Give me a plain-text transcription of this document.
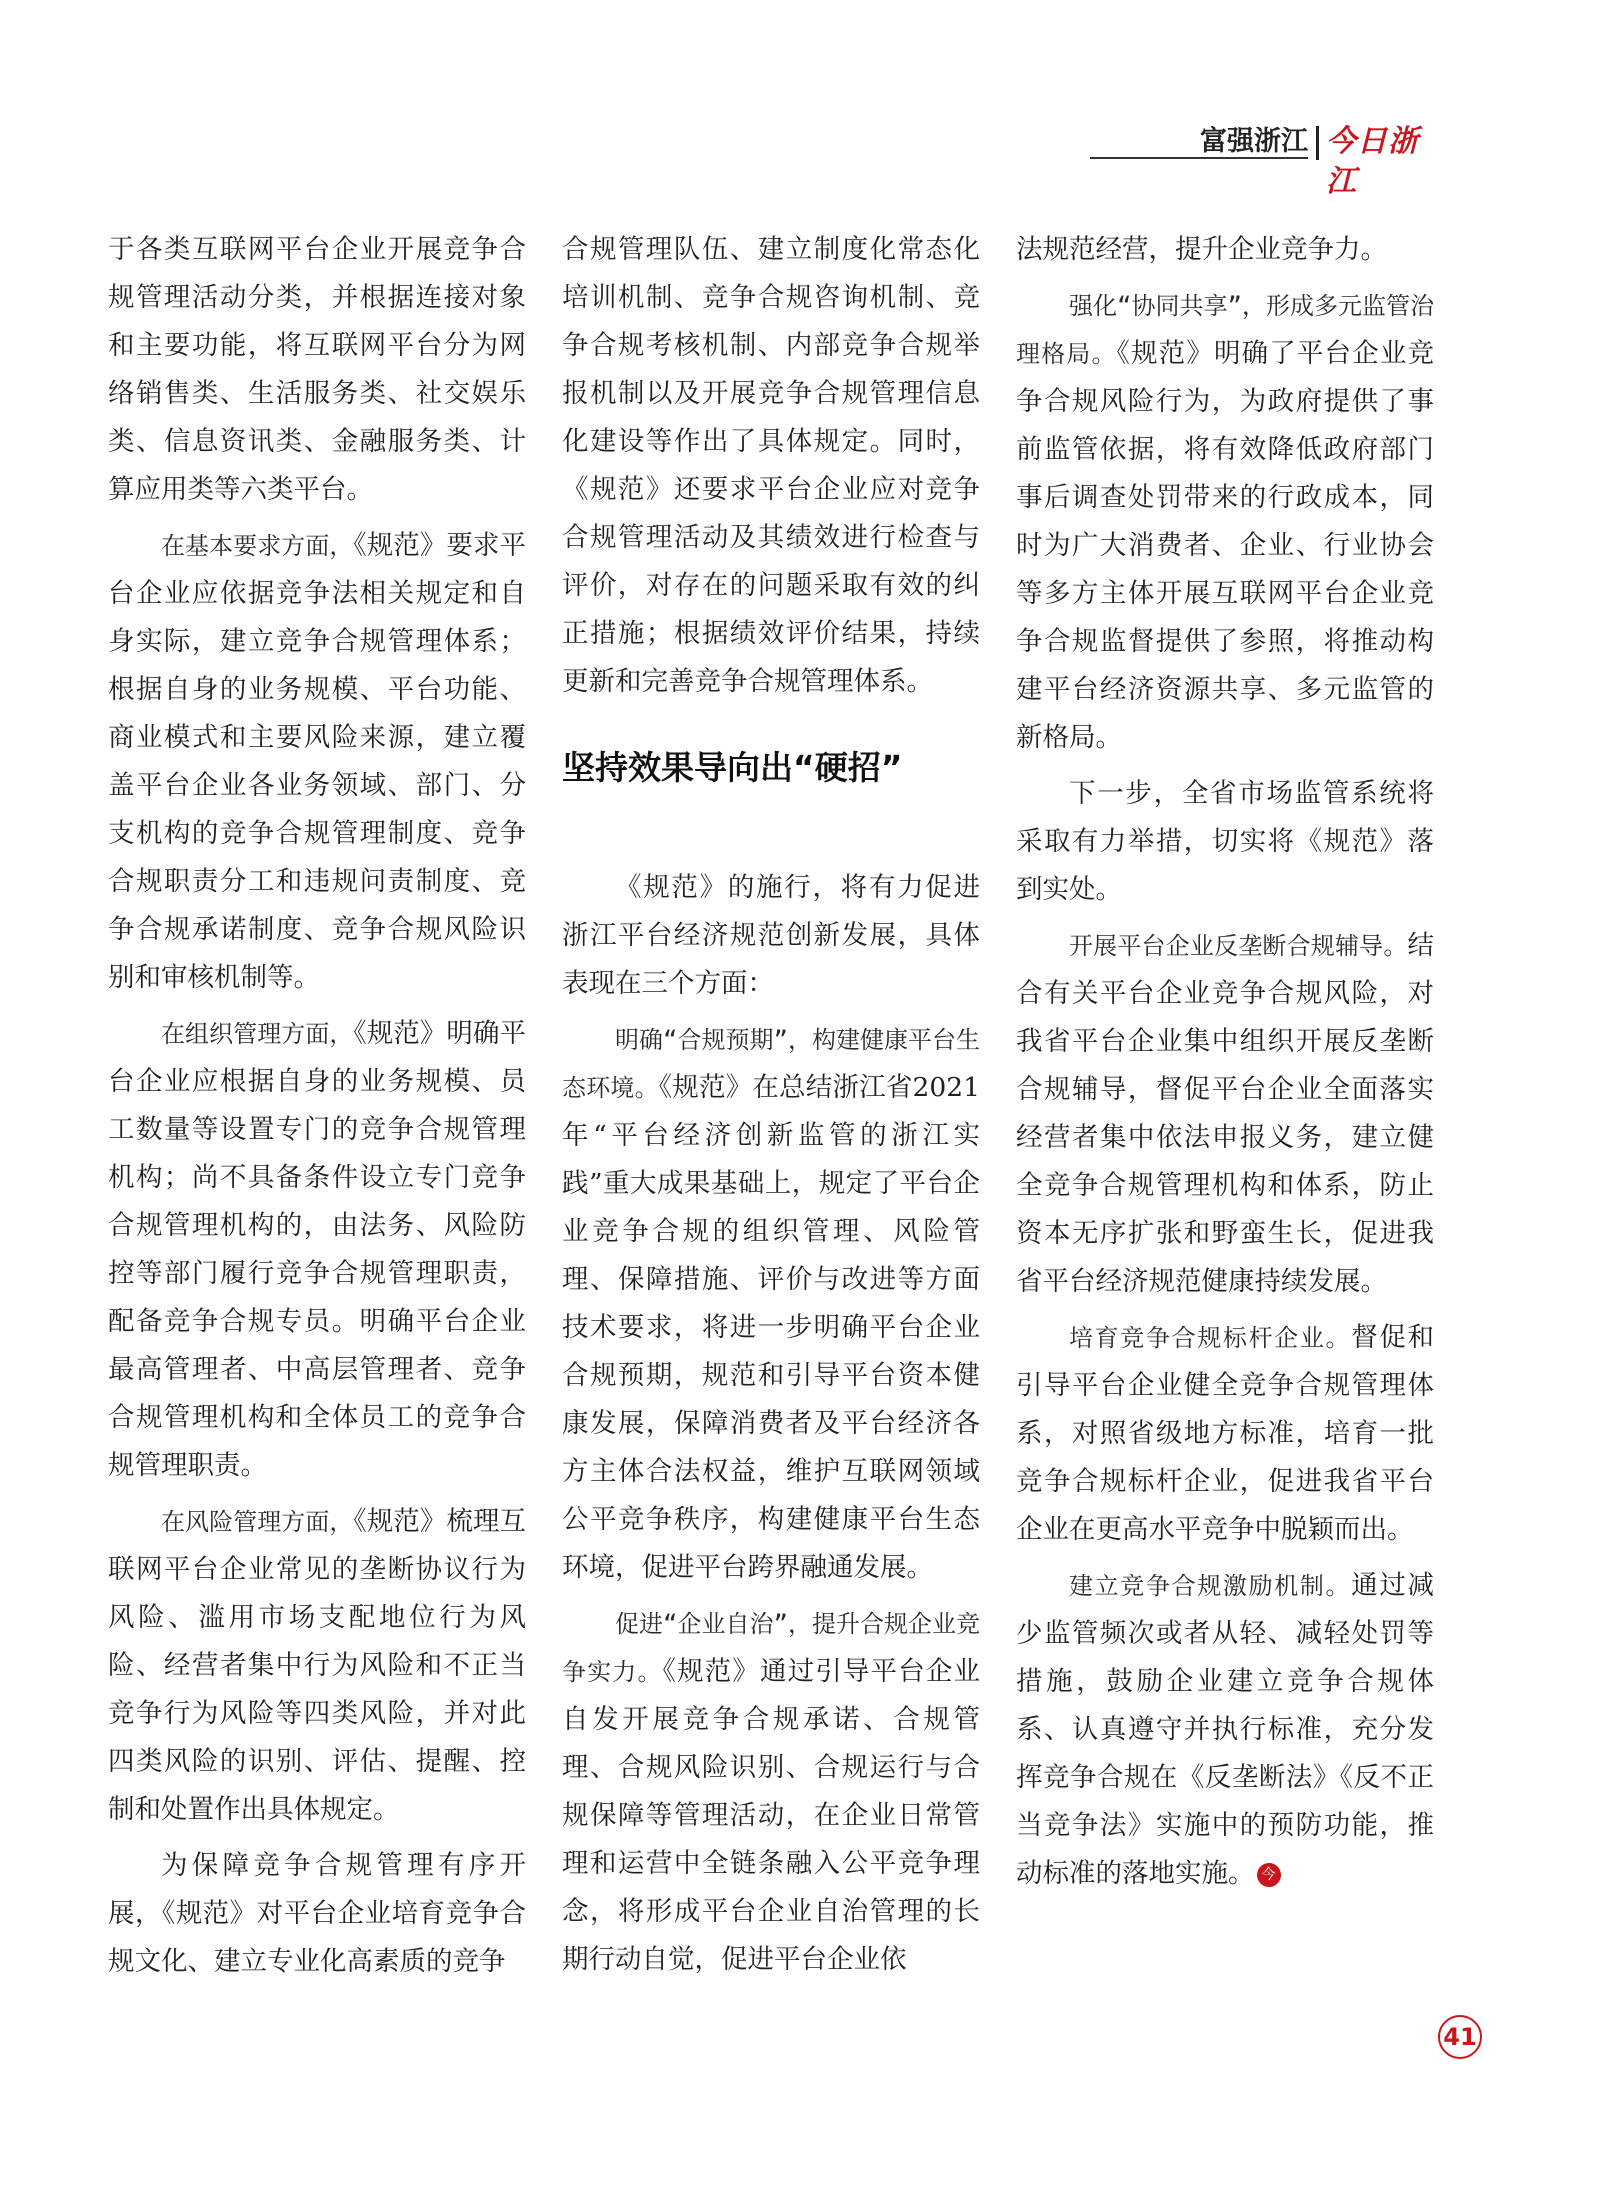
富强浙江 今日浙江

于各类互联网平台企业开展竞争合规管理活动分类，并根据连接对象和主要功能，将互联网平台分为网络销售类、生活服务类、社交娱乐类、信息资讯类、金融服务类、计算应用类等六类平台。

在基本要求方面，《规范》要求平台企业应依据竞争法相关规定和自身实际，建立竞争合规管理体系；根据自身的业务规模、平台功能、商业模式和主要风险来源，建立覆盖平台企业各业务领域、部门、分支机构的竞争合规管理制度、竞争合规职责分工和违规问责制度、竞争合规承诺制度、竞争合规风险识别和审核机制等。

在组织管理方面，《规范》明确平台企业应根据自身的业务规模、员工数量等设置专门的竞争合规管理机构；尚不具备条件设立专门竞争合规管理机构的，由法务、风险防控等部门履行竞争合规管理职责，配备竞争合规专员。明确平台企业最高管理者、中高层管理者、竞争合规管理机构和全体员工的竞争合规管理职责。

在风险管理方面，《规范》梳理互联网平台企业常见的垄断协议行为风险、滥用市场支配地位行为风险、经营者集中行为风险和不正当竞争行为风险等四类风险，并对此四类风险的识别、评估、提醒、控制和处置作出具体规定。

为保障竞争合规管理有序开展，《规范》对平台企业培育竞争合规文化、建立专业化高素质的竞争

合规管理队伍、建立制度化常态化培训机制、竞争合规咨询机制、竞争合规考核机制、内部竞争合规举报机制以及开展竞争合规管理信息化建设等作出了具体规定。同时，《规范》还要求平台企业应对竞争合规管理活动及其绩效进行检查与评价，对存在的问题采取有效的纠正措施；根据绩效评价结果，持续更新和完善竞争合规管理体系。

坚持效果导向出“硬招”

《规范》的施行，将有力促进浙江平台经济规范创新发展，具体表现在三个方面：

明确“合规预期”，构建健康平台生态环境。《规范》在总结浙江省2021年“平台经济创新监管的浙江实践”重大成果基础上，规定了平台企业竞争合规的组织管理、风险管理、保障措施、评价与改进等方面技术要求，将进一步明确平台企业合规预期，规范和引导平台资本健康发展，保障消费者及平台经济各方主体合法权益，维护互联网领域公平竞争秩序，构建健康平台生态环境，促进平台跨界融通发展。

促进“企业自治”，提升合规企业竞争实力。《规范》通过引导平台企业自发开展竞争合规承诺、合规管理、合规风险识别、合规运行与合规保障等管理活动，在企业日常管理和运营中全链条融入公平竞争理念，将形成平台企业自治管理的长期行动自觉，促进平台企业依

法规范经营，提升企业竞争力。

强化“协同共享”，形成多元监管治理格局。《规范》明确了平台企业竞争合规风险行为，为政府提供了事前监管依据，将有效降低政府部门事后调查处罚带来的行政成本，同时为广大消费者、企业、行业协会等多方主体开展互联网平台企业竞争合规监督提供了参照，将推动构建平台经济资源共享、多元监管的新格局。

下一步，全省市场监管系统将采取有力举措，切实将《规范》落到实处。

开展平台企业反垄断合规辅导。结合有关平台企业竞争合规风险，对我省平台企业集中组织开展反垄断合规辅导，督促平台企业全面落实经营者集中依法申报义务，建立健全竞争合规管理机构和体系，防止资本无序扩张和野蛮生长，促进我省平台经济规范健康持续发展。

培育竞争合规标杆企业。督促和引导平台企业健全竞争合规管理体系，对照省级地方标准，培育一批竞争合规标杆企业，促进我省平台企业在更高水平竞争中脱颖而出。

建立竞争合规激励机制。通过减少监管频次或者从轻、减轻处罚等措施，鼓励企业建立竞争合规体系、认真遵守并执行标准，充分发挥竞争合规在《反垄断法》《反不正当竞争法》实施中的预防功能，推动标准的落地实施。 今

41
